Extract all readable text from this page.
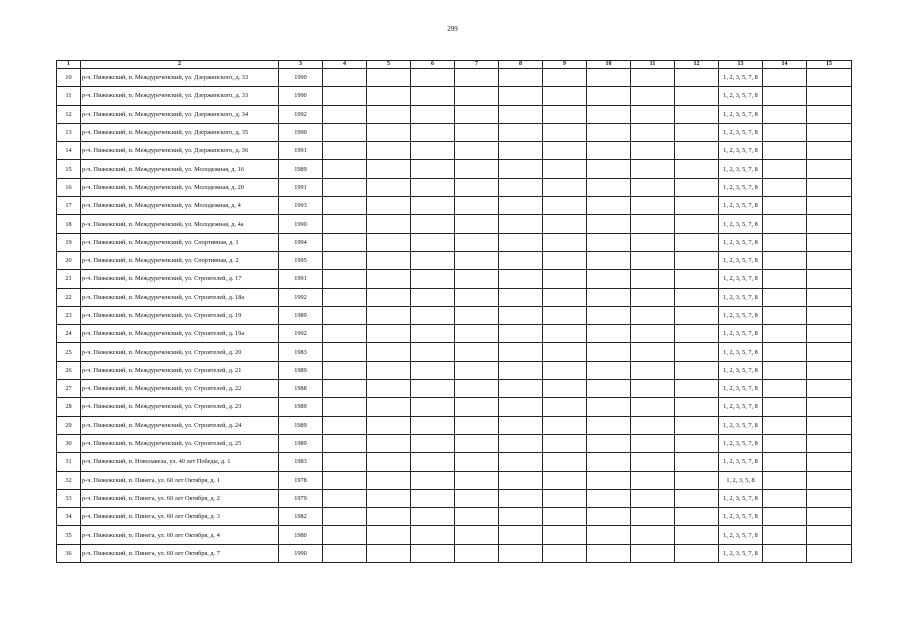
299
1	2	3	4	5	6	7	8	9	10	11	12	13	14	15
10	р-ч. Пижежский, п. Междуреченский, ул. Дзержинского, д. 33	1990										1, 2, 3, 5, 7, 8		
11	р-ч. Пижежский, п. Междуреченский, ул. Дзержинского, д. 33	1990										1, 2, 3, 5, 7, 8		
12	р-ч. Пижежский, п. Междуреченский, ул. Дзержинского, д. 34	1992										1, 2, 3, 5, 7, 8		
13	р-ч. Пижежский, п. Междуреченский, ул. Дзержинского, д. 35	1990										1, 2, 3, 5, 7, 8		
14	р-ч. Пижежский, п. Междуреченский, ул. Дзержинского, д. 36	1991										1, 2, 3, 5, 7, 8		
15	р-ч. Пижежский, п. Междуреченский, ул. Молодежная, д. 16	1989										1, 2, 3, 5, 7, 8		
16	р-ч. Пижежский, п. Междуреченский, ул. Молодежная, д. 20	1991										1, 2, 3, 5, 7, 8		
17	р-ч. Пижежский, п. Междуреченский, ул. Молодежная, д. 4	1993										1, 2, 3, 5, 7, 8		
18	р-ч. Пижежский, п. Междуреченский, ул. Молодежная, д. 4а	1990										1, 2, 3, 5, 7, 8		
19	р-ч. Пижежский, п. Междуреченский, ул. Спортивная, д. 1	1994										1, 2, 3, 5, 7, 8		
20	р-ч. Пижежский, п. Междуреченский, ул. Спортивная, д. 2	1995										1, 2, 3, 5, 7, 8		
21	р-ч. Пижежский, п. Междуреченский, ул. Строителей, д. 17	1991										1, 2, 3, 5, 7, 8		
22	р-ч. Пижежский, п. Междуреченский, ул. Строителей, д. 18а	1992										1, 2, 3, 5, 7, 8		
23	р-ч. Пижежский, п. Междуреченский, ул. Строителей, д. 19	1989										1, 2, 3, 5, 7, 8		
24	р-ч. Пижежский, п. Междуреченский, ул. Строителей, д. 19а	1992										1, 2, 3, 5, 7, 8		
25	р-ч. Пижежский, п. Междуреченский, ул. Строителей, д. 20	1983										1, 2, 3, 5, 7, 8		
26	р-ч. Пижежский, п. Междуреченский, ул. Строителей, д. 21	1989										1, 2, 3, 5, 7, 8		
27	р-ч. Пижежский, п. Междуреченский, ул. Строителей, д. 22	1988										1, 2, 3, 5, 7, 8		
28	р-ч. Пижежский, п. Междуреченский, ул. Строителей, д. 23	1989										1, 2, 3, 5, 7, 8		
29	р-ч. Пижежский, п. Междуреченский, ул. Строителей, д. 24	1989										1, 2, 3, 5, 7, 8		
30	р-ч. Пижежский, п. Междуреченский, ул. Строителей, д. 25	1989										1, 2, 3, 5, 7, 8		
31	р-ч. Пижежский, п. Новолавела, ул. 40 лет Победы, д. 1	1983										1, 2, 3, 5, 7, 8		
32	р-ч. Пижежский, п. Пинега, ул. 60 лет Октября, д. 1	1978										1, 2, 3, 5, 8		
33	р-ч. Пижежский, п. Пинега, ул. 60 лет Октября, д. 2	1979										1, 2, 3, 5, 7, 8		
34	р-ч. Пижежский, п. Пинега, ул. 60 лет Октября, д. 3	1982										1, 2, 3, 5, 7, 8		
35	р-ч. Пижежский, п. Пинега, ул. 60 лет Октября, д. 4	1980										1, 2, 3, 5, 7, 8		
36	р-ч. Пижежский, п. Пинега, ул. 60 лет Октября, д. 7	1990										1, 2, 3, 5, 7, 8		
